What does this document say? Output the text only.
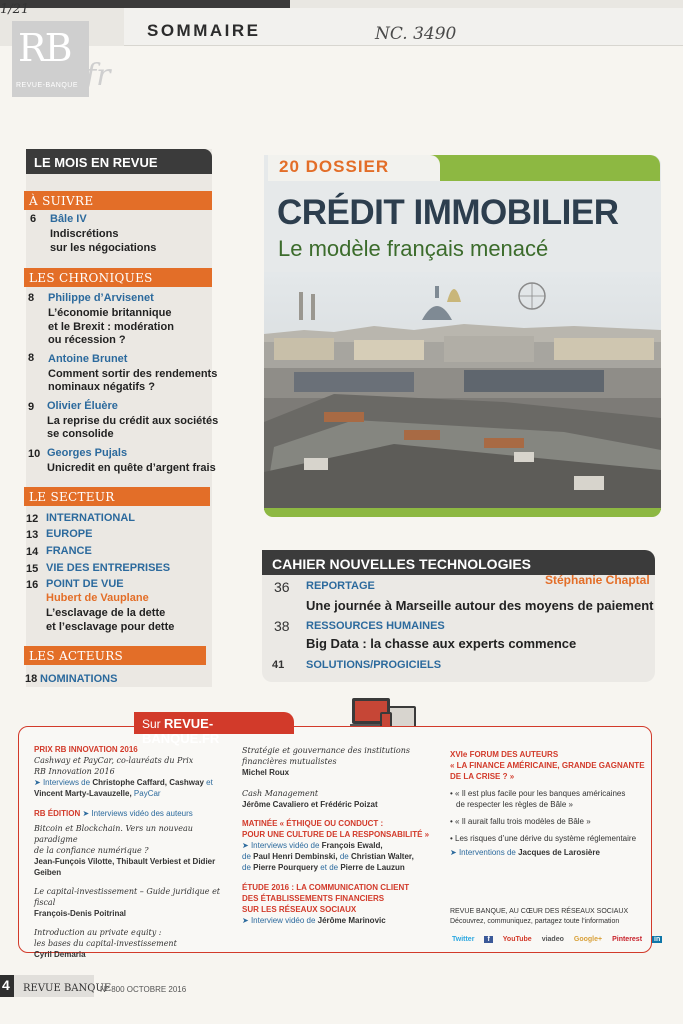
1/21
SOMMAIRE	NC. 3490
RB
REVUE-BANQUE fr
LE MOIS EN REVUE
À SUIVRE
6 Bâle IV
Indiscrétions
sur les négociations
LES CHRONIQUES
8 Philippe d’Arvisenet
L’économie britannique
et le Brexit : modération
ou récession ?
8 Antoine Brunet
Comment sortir des rendements
nominaux négatifs ?
9 Olivier Éluère
La reprise du crédit aux sociétés
se consolide
10 Georges Pujals
Unicredit en quête d’argent frais
LE SECTEUR
12 INTERNATIONAL
13 EUROPE
14 FRANCE
15 VIE DES ENTREPRISES
16 POINT DE VUE
Hubert de Vauplane
L’esclavage de la dette
et l’esclavage pour dette
LES ACTEURS
18 NOMINATIONS
20 DOSSIER
CRÉDIT IMMOBILIER
Le modèle français menacé
CAHIER NOUVELLES TECHNOLOGIES
Stéphanie Chaptal
36 REPORTAGE
Une journée à Marseille autour des moyens de paiement
38 RESSOURCES HUMAINES
Big Data : la chasse aux experts commence
41 SOLUTIONS/PROGICIELS
Sur REVUE-BANQUE.FR
PRIX RB INNOVATION 2016
Cashway et PayCar, co-lauréats du Prix
RB Innovation 2016
➤ Interviews de Christophe Caffard, Cashway et
Vincent Marty-Lavauzelle, PayCar
RB ÉDITION ➤ Interviews vidéo des auteurs
Bitcoin et Blockchain. Vers un nouveau paradigme
de la confiance numérique ?
Jean-Funçois Vilotte, Thibault Verbiest et Didier Geiben
Le capital-investissement – Guide juridique et fiscal
François-Denis Poitrinal
Introduction au private equity :
les bases du capital-investissement
Cyril Demaria
Stratégie et gouvernance des institutions
financières mutualistes
Michel Roux
Cash Management
Jérôme Cavaliero et Frédéric Poizat
MATINÉE « ÉTHIQUE OU CONDUCT :
POUR UNE CULTURE DE LA RESPONSABILITÉ »
➤ Interviews vidéo de François Ewald,
de Paul Henri Dembinski, de Christian Walter,
de Pierre Pourquery et de Pierre de Lauzun
ÉTUDE 2016 : LA COMMUNICATION CLIENT
DES ÉTABLISSEMENTS FINANCIERS
SUR LES RÉSEAUX SOCIAUX
➤ Interview vidéo de Jérôme Marinovic
XVIe FORUM DES AUTEURS
« LA FINANCE AMÉRICAINE, GRANDE GAGNANTE
DE LA CRISE ? »
• « Il est plus facile pour les banques américaines
de respecter les règles de Bâle »
• « Il aurait fallu trois modèles de Bâle »
• Les risques d’une dérive du système réglementaire
➤ Interventions de Jacques de Larosière
REVUE BANQUE, AU CŒUR DES RÉSEAUX SOCIAUX
Découvrez, communiquez, partagez toute l’information
Twitter	f	YouTube viadeo Google+ Pinterest in
4	REVUE BANQUE
N° 800 OCTOBRE 2016
